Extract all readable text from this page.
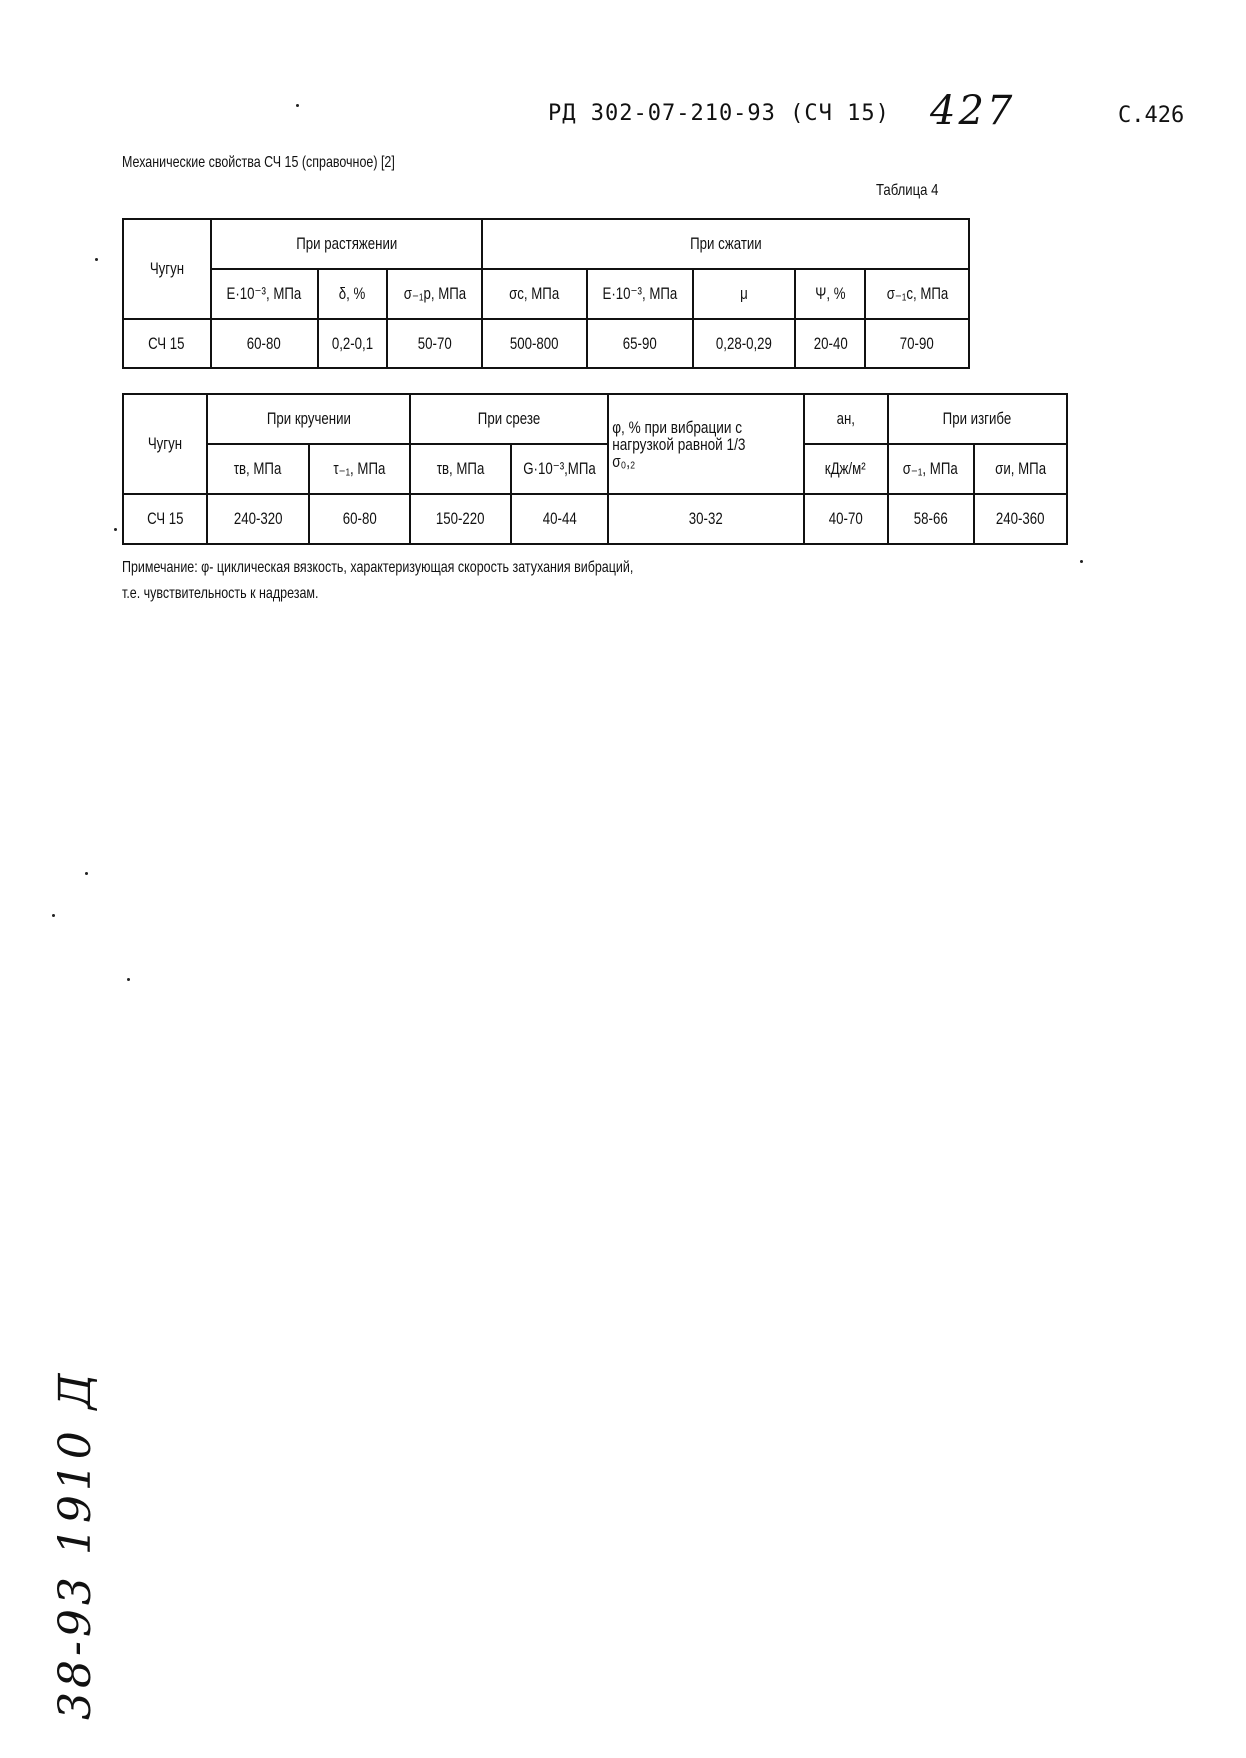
РД 302-07-210-93 (СЧ 15) 427	С.426
Механические свойства СЧ 15 (справочное) [2]
Таблица 4
Чугун	При растяжении			При сжатии				
	E·10⁻³, МПа	δ, %	σ₋₁р, МПа	σс, МПа	E·10⁻³, МПа	μ	Ψ, %	σ₋₁с, МПа
СЧ 15	60-80	0,2-0,1	50-70	500-800	65-90	0,28-0,29	20-40	70-90
Чугун	При кручении		При срезе		φ, % при вибрации с нагрузкой равной 1/3 σ₀,₂	aн,	При изгибе	
	τв, МПа	τ₋₁, МПа	τв, МПа	G·10⁻³,МПа		кДж/м²	σ₋₁, МПа	σи, МПа
СЧ 15	240-320	60-80	150-220	40-44	30-32	40-70	58-66	240-360
Примечание: φ- циклическая вязкость, характеризующая скорость затухания вибраций,
т.е. чувствительность к надрезам.
38-93 1910 Д
